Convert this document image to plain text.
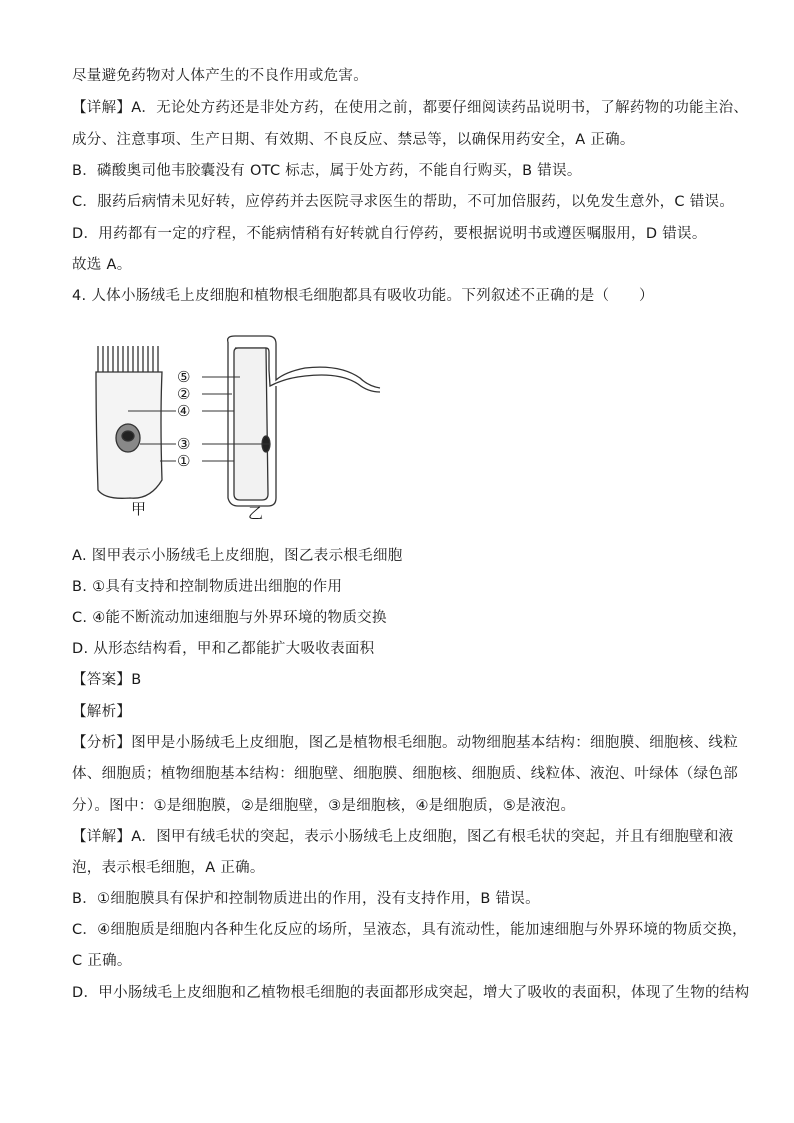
尽量避免药物对人体产生的不良作用或危害。
【详解】A．无论处方药还是非处方药，在使用之前，都要仔细阅读药品说明书，了解药物的功能主治、
成分、注意事项、生产日期、有效期、不良反应、禁忌等，以确保用药安全，A 正确。
B．磷酸奥司他韦胶囊没有 OTC 标志，属于处方药，不能自行购买，B 错误。
C．服药后病情未见好转，应停药并去医院寻求医生的帮助，不可加倍服药，以免发生意外，C 错误。
D．用药都有一定的疗程，不能病情稍有好转就自行停药，要根据说明书或遵医嘱服用，D 错误。
故选 A。
4. 人体小肠绒毛上皮细胞和植物根毛细胞都具有吸收功能。下列叙述不正确的是（　　）
⑤
②
④
③
①
甲	乙
A. 图甲表示小肠绒毛上皮细胞，图乙表示根毛细胞
B. ①具有支持和控制物质进出细胞的作用
C. ④能不断流动加速细胞与外界环境的物质交换
D. 从形态结构看，甲和乙都能扩大吸收表面积
【答案】B
【解析】
【分析】图甲是小肠绒毛上皮细胞，图乙是植物根毛细胞。动物细胞基本结构：细胞膜、细胞核、线粒
体、细胞质；植物细胞基本结构：细胞壁、细胞膜、细胞核、细胞质、线粒体、液泡、叶绿体（绿色部
分）。图中：①是细胞膜，②是细胞壁，③是细胞核，④是细胞质，⑤是液泡。
【详解】A．图甲有绒毛状的突起，表示小肠绒毛上皮细胞，图乙有根毛状的突起，并且有细胞壁和液
泡，表示根毛细胞，A 正确。
B．①细胞膜具有保护和控制物质进出的作用，没有支持作用，B 错误。
C．④细胞质是细胞内各种生化反应的场所，呈液态，具有流动性，能加速细胞与外界环境的物质交换，
C 正确。
D．甲小肠绒毛上皮细胞和乙植物根毛细胞的表面都形成突起，增大了吸收的表面积，体现了生物的结构
